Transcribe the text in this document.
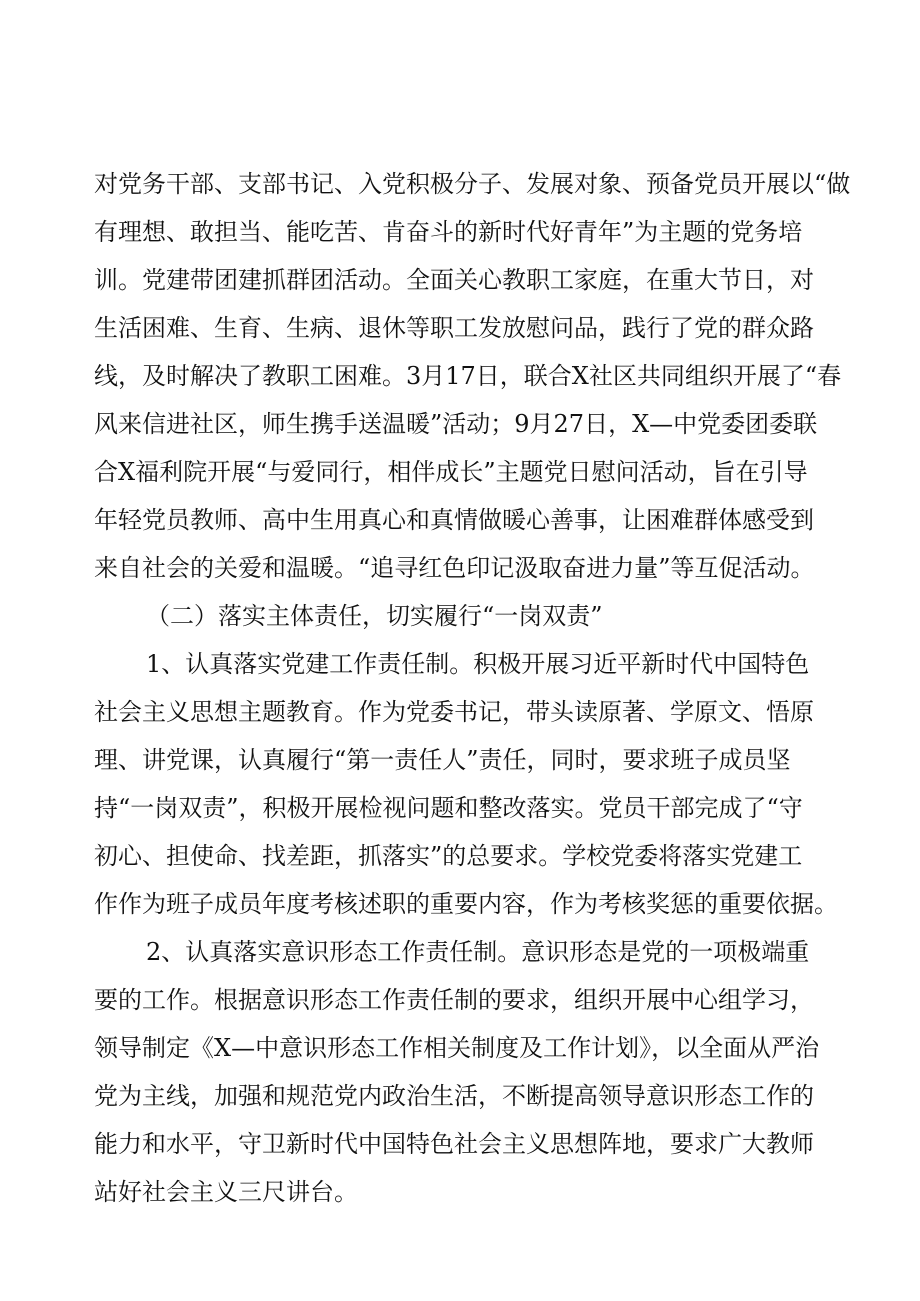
对党务干部、支部书记、入党积极分子、发展对象、预备党员开展以“做
有理想、敢担当、能吃苦、肯奋斗的新时代好青年”为主题的党务培
训。党建带团建抓群团活动。全面关心教职工家庭，在重大节日，对
生活困难、生育、生病、退休等职工发放慰问品，践行了党的群众路
线，及时解决了教职工困难。3月17日，联合X社区共同组织开展了“春
风来信进社区，师生携手送温暖”活动；9月27日，X—中党委团委联
合X福利院开展“与爱同行，相伴成长”主题党日慰问活动，旨在引导
年轻党员教师、高中生用真心和真情做暖心善事，让困难群体感受到
来自社会的关爱和温暖。“追寻红色印记汲取奋进力量”等互促活动。
（二）落实主体责任，切实履行“一岗双责”
1、认真落实党建工作责任制。积极开展习近平新时代中国特色
社会主义思想主题教育。作为党委书记，带头读原著、学原文、悟原
理、讲党课，认真履行“第一责任人”责任，同时，要求班子成员坚
持“一岗双责”，积极开展检视问题和整改落实。党员干部完成了“守
初心、担使命、找差距，抓落实”的总要求。学校党委将落实党建工
作作为班子成员年度考核述职的重要内容，作为考核奖惩的重要依据。
2、认真落实意识形态工作责任制。意识形态是党的一项极端重
要的工作。根据意识形态工作责任制的要求，组织开展中心组学习，
领导制定《X—中意识形态工作相关制度及工作计划》，以全面从严治
党为主线，加强和规范党内政治生活，不断提高领导意识形态工作的
能力和水平，守卫新时代中国特色社会主义思想阵地，要求广大教师
站好社会主义三尺讲台。
